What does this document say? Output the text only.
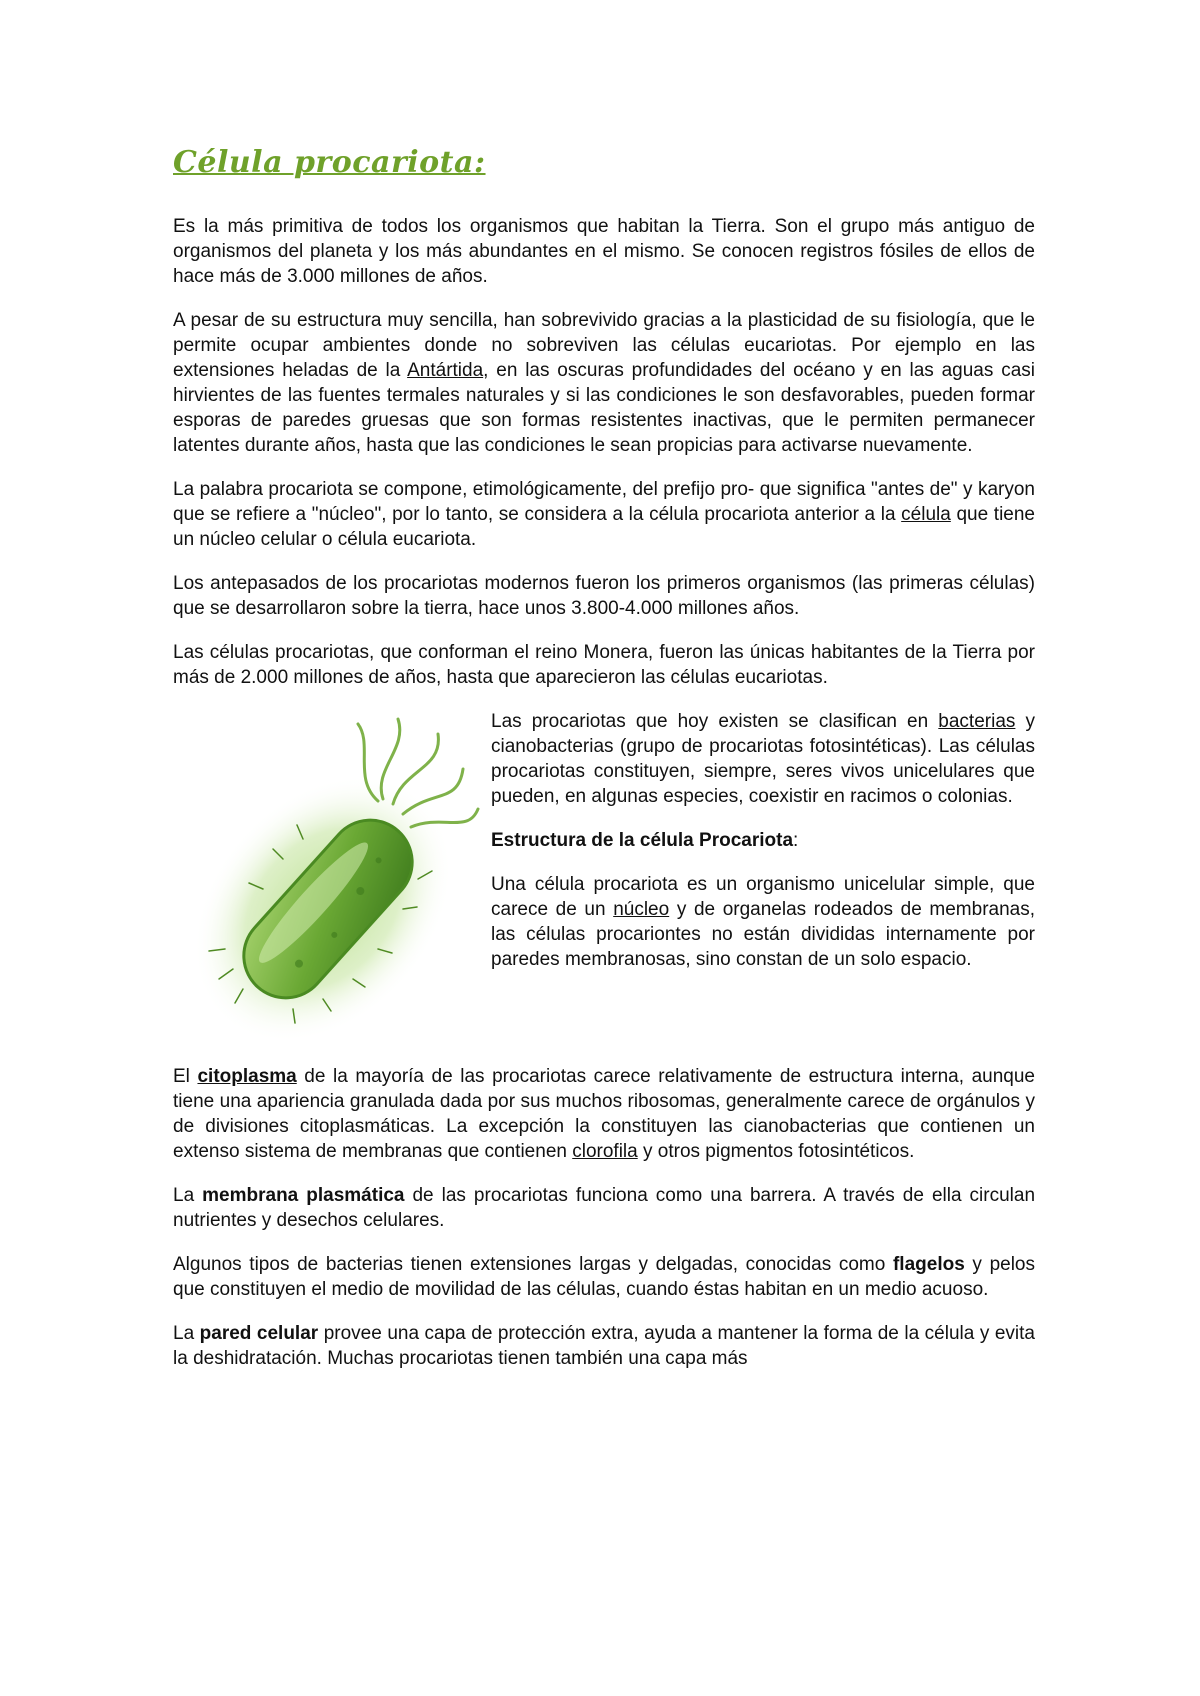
Célula procariota:

Es la más primitiva de todos los organismos que habitan la Tierra. Son el grupo más antiguo de organismos del planeta y los más abundantes en el mismo. Se conocen registros fósiles de ellos de hace más de 3.000 millones de años.

A pesar de su estructura muy sencilla, han sobrevivido gracias a la plasticidad de su fisiología, que le permite ocupar ambientes donde no sobreviven las células eucariotas. Por ejemplo en las extensiones heladas de la Antártida, en las oscuras profundidades del océano y en las aguas casi hirvientes de las fuentes termales naturales y si las condiciones le son desfavorables, pueden formar esporas de paredes gruesas que son formas resistentes inactivas, que le permiten permanecer latentes durante años, hasta que las condiciones le sean propicias para activarse nuevamente.

La palabra procariota se compone, etimológicamente, del prefijo pro- que significa "antes de" y karyon que se refiere a "núcleo", por lo tanto, se considera a la célula procariota anterior a la célula que tiene un núcleo celular o célula eucariota.

Los antepasados de los procariotas modernos fueron los primeros organismos (las primeras células) que se desarrollaron sobre la tierra, hace unos 3.800-4.000 millones años.

Las células procariotas, que conforman el reino Monera, fueron las únicas habitantes de la Tierra por más de 2.000 millones de años, hasta que aparecieron las células eucariotas.

Las procariotas que hoy existen se clasifican en bacterias y cianobacterias (grupo de procariotas fotosintéticas). Las células procariotas constituyen, siempre, seres vivos unicelulares que pueden, en algunas especies, coexistir en racimos o colonias.

Estructura de la célula Procariota:

Una célula procariota es un organismo unicelular simple, que carece de un núcleo y de organelas rodeados de membranas, las células procariontes no están divididas internamente por paredes membranosas, sino constan de un solo espacio.

El citoplasma de la mayoría de las procariotas carece relativamente de estructura interna, aunque tiene una apariencia granulada dada por sus muchos ribosomas, generalmente carece de orgánulos y de divisiones citoplasmáticas. La excepción la constituyen las cianobacterias que contienen un extenso sistema de membranas que contienen clorofila y otros pigmentos fotosintéticos.

La membrana plasmática de las procariotas funciona como una barrera. A través de ella circulan nutrientes y desechos celulares.

Algunos tipos de bacterias tienen extensiones largas y delgadas, conocidas como flagelos y pelos que constituyen el medio de movilidad de las células, cuando éstas habitan en un medio acuoso.

La pared celular provee una capa de protección extra, ayuda a mantener la forma de la célula y evita la deshidratación. Muchas procariotas tienen también una capa más
